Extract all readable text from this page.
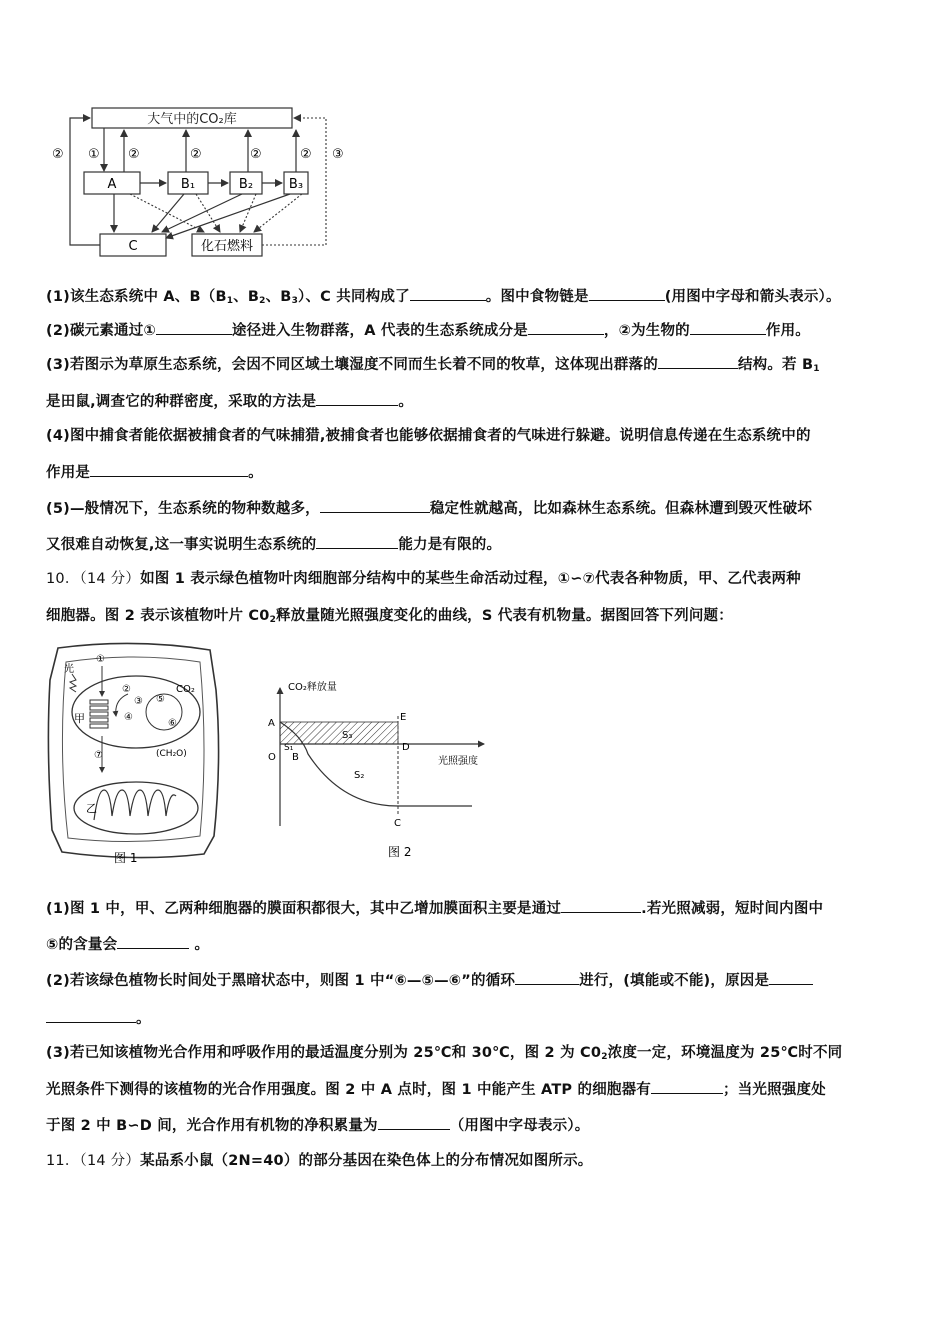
大气中的CO₂库
A	B₁	B₂	B₃
C	化石燃料
② ① ②	②	②	② ③
(1)该生态系统中 A、$B(B_1$、$B_2$、$B_3$）、C 共同构成了	。图中食物链是	(用图中字母和箭头表示）。
(2)碳元素通过①	途径进入生物群落，A 代表的生态系统成分是	，②为生物的	作用。
(3)若图示为草原生态系统，会因不同区域土壤湿度不同而生长着不同的牧草，这体现出群落的	结构。若 $B_1$
是田鼠,调查它的种群密度，采取的方法是	。
(4)图中捕食者能依据被捕食者的气味捕猎,被捕食者也能够依据捕食者的气味进行躲避。说明信息传递在生态系统中的
作用是	。
(5)—般情况下，生态系统的物种数越多，	稳定性就越高，比如森林生态系统。但森林遭到毁灭性破坏
又很难自动恢复,这一事实说明生态系统的	能力是有限的。
10．（14 分）如图 1 表示绿色植物叶肉细胞部分结构中的某些生命活动过程，①∽⑦代表各种物质，甲、乙代表两种
细胞器。图 2 表示该植物叶片 $C0_2$释放量随光照强度变化的曲线，S 代表有机物量。据图回答下列问题：
光
甲
CO₂
(CH₂O)
①
②
③
④
⑤
⑥
⑦
乙
图 1
CO₂释放量
光照强度
A
O B
E
D
C
S₁
S₃
S₂
图 2
(1)图 1 中，甲、乙两种细胞器的膜面积都很大，其中乙增加膜面积主要是通过	.若光照减弱，短时间内图中
⑤的含量会	。
(2)若该绿色植物长时间处于黑暗状态中，则图 1 中“⑥—⑤—⑥”的循环	进行，(填能或不能)，原因是
。
(3)若已知该植物光合作用和呼吸作用的最适温度分别为 25℃和 30℃，图 2 为 $C0_2$浓度一定，环境温度为 25℃时不同
光照条件下测得的该植物的光合作用强度。图 2 中 A 点时，图 1 中能产生 ATP 的细胞器有	；当光照强度处
于图 2 中 B∽D 间，光合作用有机物的净积累量为	（用图中字母表示）。
11．（14 分）某品系小鼠（2N=40）的部分基因在染色体上的分布情况如图所示。
